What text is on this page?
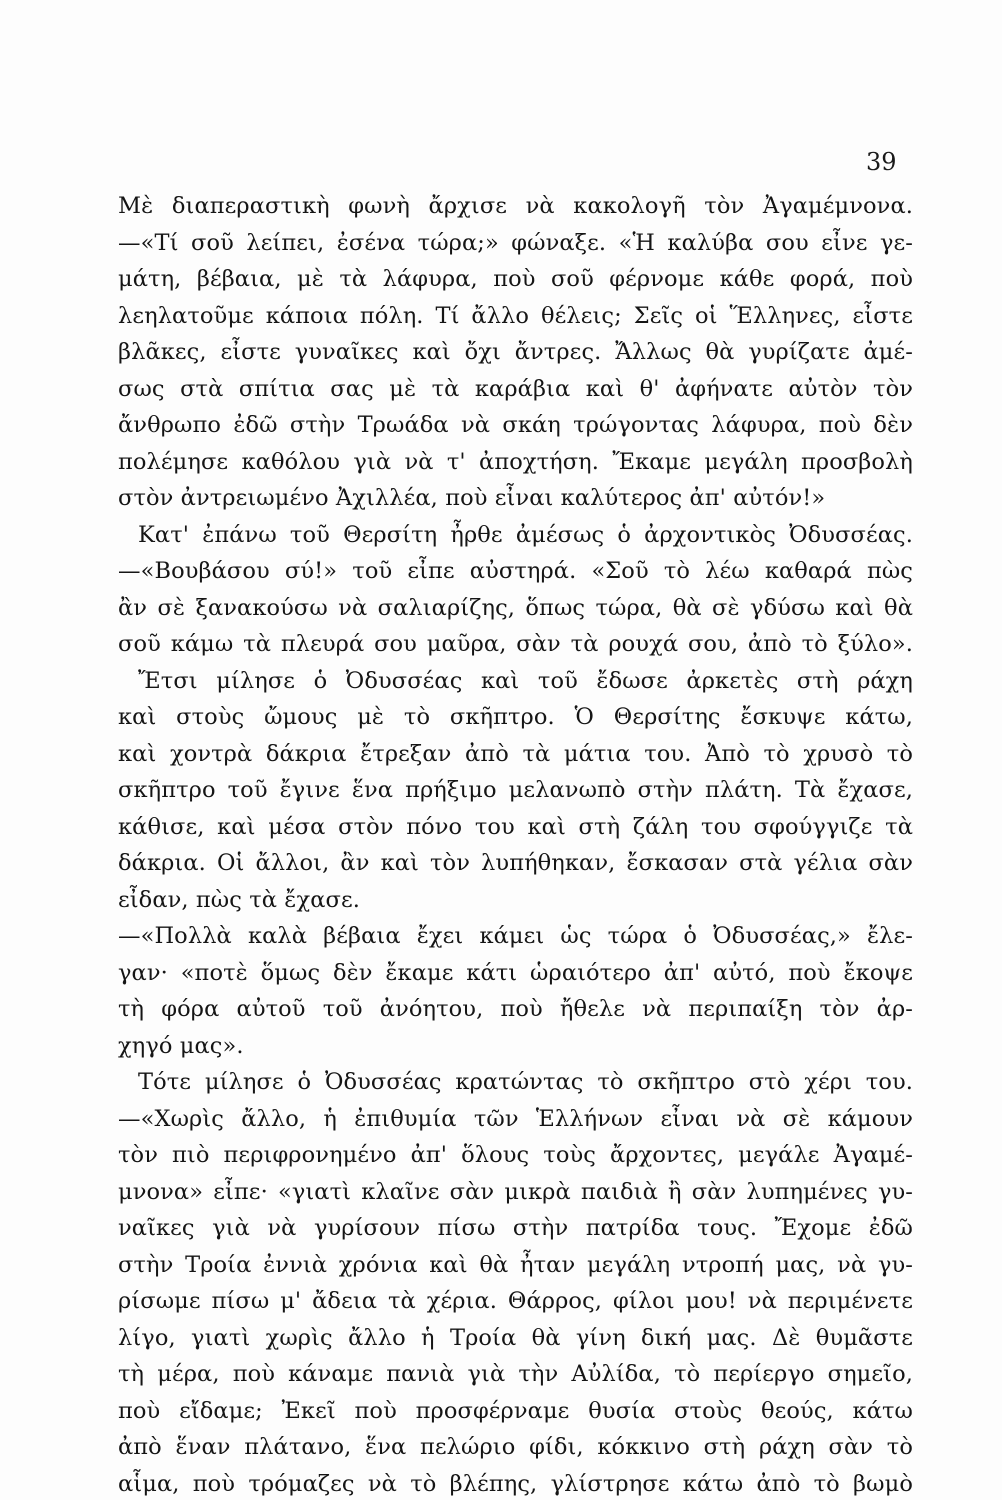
39
Μὲ διαπεραστικὴ φωνὴ ἄρχισε νὰ κακολογῆ τὸν Ἀγαμέμνονα.
—«Τί σοῦ λείπει, ἐσένα τώρα;» φώναξε. «Ἡ καλύβα σου εἶνε γε-
μάτη, βέβαια, μὲ τὰ λάφυρα, ποὺ σοῦ φέρνομε κάθε φορά, ποὺ
λεηλατοῦμε κάποια πόλη. Τί ἄλλο θέλεις; Σεῖς οἱ Ἕλληνες, εἶστε
βλᾶκες, εἶστε γυναῖκες καὶ ὄχι ἄντρες. Ἄλλως θὰ γυρίζατε ἀμέ-
σως στὰ σπίτια σας μὲ τὰ καράβια καὶ θ' ἀφήνατε αὐτὸν τὸν
ἄνθρωπο ἐδῶ στὴν Τρωάδα νὰ σκάη τρώγοντας λάφυρα, ποὺ δὲν
πολέμησε καθόλου γιὰ νὰ τ' ἀποχτήση. Ἔκαμε μεγάλη προσβολὴ
στὸν ἀντρειωμένο Ἀχιλλέα, ποὺ εἶναι καλύτερος ἀπ' αὐτόν!»
Κατ' ἐπάνω τοῦ Θερσίτη ἦρθε ἀμέσως ὁ ἀρχοντικὸς Ὀδυσσέας.
—«Βουβάσου σύ!» τοῦ εἶπε αὐστηρά. «Σοῦ τὸ λέω καθαρά πὼς
ἂν σὲ ξανακούσω νὰ σαλιαρίζης, ὅπως τώρα, θὰ σὲ γδύσω καὶ θὰ
σοῦ κάμω τὰ πλευρά σου μαῦρα, σὰν τὰ ρουχά σου, ἀπὸ τὸ ξύλο».
Ἔτσι μίλησε ὁ Ὀδυσσέας καὶ τοῦ ἔδωσε ἀρκετὲς στὴ ράχη
καὶ στοὺς ὤμους μὲ τὸ σκῆπτρο. Ὁ Θερσίτης ἔσκυψε κάτω,
καὶ χοντρὰ δάκρια ἔτρεξαν ἀπὸ τὰ μάτια του. Ἀπὸ τὸ χρυσὸ τὸ
σκῆπτρο τοῦ ἔγινε ἕνα πρήξιμο μελανωπὸ στὴν πλάτη. Τὰ ἔχασε,
κάθισε, καὶ μέσα στὸν πόνο του καὶ στὴ ζάλη του σφούγγιζε τὰ
δάκρια. Οἱ ἄλλοι, ἂν καὶ τὸν λυπήθηκαν, ἔσκασαν στὰ γέλια σὰν
εἶδαν, πὼς τὰ ἔχασε.
—«Πολλὰ καλὰ βέβαια ἔχει κάμει ὡς τώρα ὁ Ὀδυσσέας,» ἔλε-
γαν· «ποτὲ ὅμως δὲν ἔκαμε κάτι ὡραιότερο ἀπ' αὐτό, ποὺ ἔκοψε
τὴ φόρα αὐτοῦ τοῦ ἀνόητου, ποὺ ἤθελε νὰ περιπαίξη τὸν ἀρ-
χηγό μας».
Τότε μίλησε ὁ Ὀδυσσέας κρατώντας τὸ σκῆπτρο στὸ χέρι του.
—«Χωρὶς ἄλλο, ἡ ἐπιθυμία τῶν Ἑλλήνων εἶναι νὰ σὲ κάμουν
τὸν πιὸ περιφρονημένο ἀπ' ὅλους τοὺς ἄρχοντες, μεγάλε Ἀγαμέ-
μνονα» εἶπε· «γιατὶ κλαῖνε σὰν μικρὰ παιδιὰ ἢ σὰν λυπημένες γυ-
ναῖκες γιὰ νὰ γυρίσουν πίσω στὴν πατρίδα τους. Ἔχομε ἐδῶ
στὴν Τροία ἐννιὰ χρόνια καὶ θὰ ἦταν μεγάλη ντροπή μας, νὰ γυ-
ρίσωμε πίσω μ' ἄδεια τὰ χέρια. Θάρρος, φίλοι μου! νὰ περιμένετε
λίγο, γιατὶ χωρὶς ἄλλο ἡ Τροία θὰ γίνη δική μας. Δὲ θυμᾶστε
τὴ μέρα, ποὺ κάναμε πανιὰ γιὰ τὴν Αὐλίδα, τὸ περίεργο σημεῖο,
ποὺ εἴδαμε; Ἐκεῖ ποὺ προσφέρναμε θυσία στοὺς θεούς, κάτω
ἀπὸ ἕναν πλάτανο, ἕνα πελώριο φίδι, κόκκινο στὴ ράχη σὰν τὸ
αἷμα, ποὺ τρόμαζες νὰ τὸ βλέπης, γλίστρησε κάτω ἀπὸ τὸ βωμὸ
